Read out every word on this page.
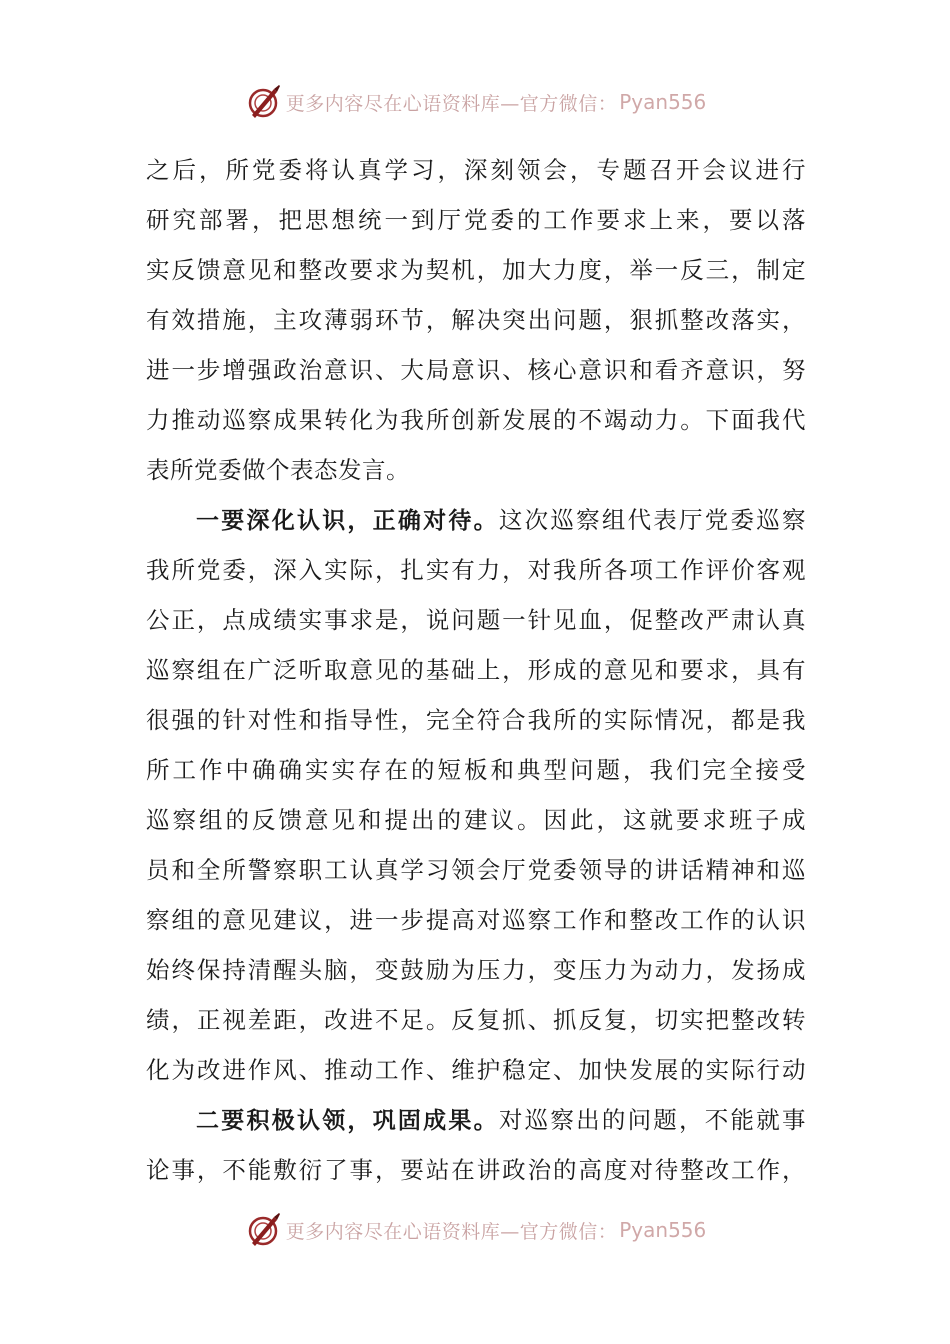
更多内容尽在心语资料库—官方微信： Pyan556
之后，所党委将认真学习，深刻领会，专题召开会议进行
研究部署，把思想统一到厅党委的工作要求上来，要以落
实反馈意见和整改要求为契机，加大力度，举一反三，制定
有效措施，主攻薄弱环节，解决突出问题，狠抓整改落实，
进一步增强政治意识、大局意识、核心意识和看齐意识，努
力推动巡察成果转化为我所创新发展的不竭动力。下面我代
表所党委做个表态发言。
一要深化认识，正确对待。这次巡察组代表厅党委巡察
我所党委，深入实际，扎实有力，对我所各项工作评价客观
公正，点成绩实事求是，说问题一针见血，促整改严肃认真
巡察组在广泛听取意见的基础上，形成的意见和要求，具有
很强的针对性和指导性，完全符合我所的实际情况，都是我
所工作中确确实实存在的短板和典型问题，我们完全接受
巡察组的反馈意见和提出的建议。因此，这就要求班子成
员和全所警察职工认真学习领会厅党委领导的讲话精神和巡
察组的意见建议，进一步提高对巡察工作和整改工作的认识
始终保持清醒头脑，变鼓励为压力，变压力为动力，发扬成
绩，正视差距，改进不足。反复抓、抓反复，切实把整改转
化为改进作风、推动工作、维护稳定、加快发展的实际行动
二要积极认领，巩固成果。对巡察出的问题，不能就事
论事，不能敷衍了事，要站在讲政治的高度对待整改工作，
更多内容尽在心语资料库—官方微信： Pyan556
